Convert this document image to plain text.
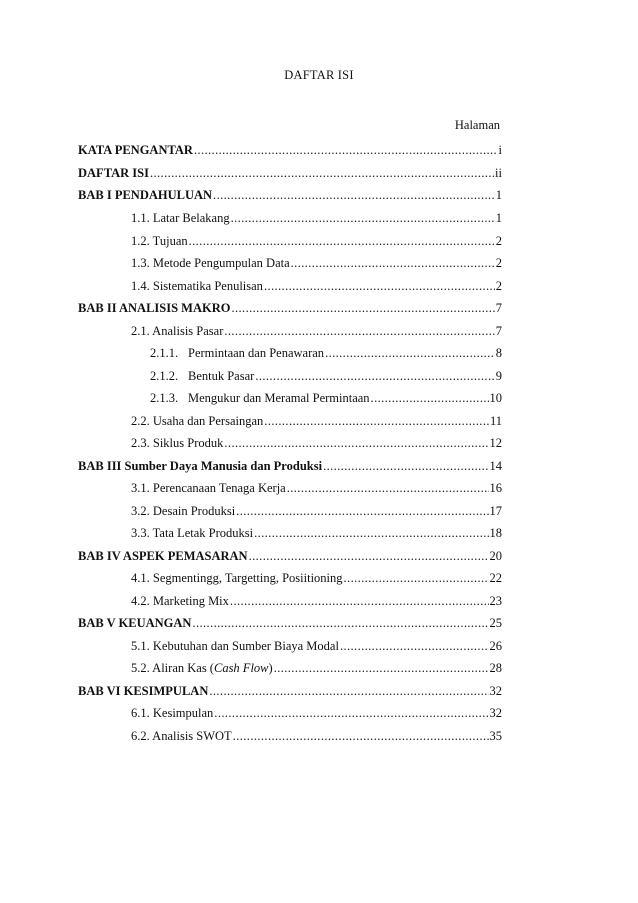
DAFTAR ISI
Halaman
KATA PENGANTAR .....	i
DAFTAR ISI .....	ii
BAB I PENDAHULUAN .....	1
1.1. Latar Belakang .....	1
1.2. Tujuan .....	2
1.3. Metode Pengumpulan Data .....	2
1.4. Sistematika Penulisan .....	2
BAB II ANALISIS MAKRO .....	7
2.1. Analisis Pasar .....	7
2.1.1. Permintaan dan Penawaran .....	8
2.1.2. Bentuk Pasar .....	9
2.1.3. Mengukur dan Meramal Permintaan .....	10
2.2. Usaha dan Persaingan .....	11
2.3. Siklus Produk .....	12
BAB III Sumber Daya Manusia dan Produksi .....	14
3.1. Perencanaan Tenaga Kerja .....	16
3.2. Desain Produksi .....	17
3.3. Tata Letak Produksi .....	18
BAB IV ASPEK PEMASARAN .....	20
4.1. Segmentingg, Targetting, Posiitioning .....	22
4.2. Marketing Mix .....	23
BAB V KEUANGAN .....	25
5.1. Kebutuhan dan Sumber Biaya Modal .....	26
5.2. Aliran Kas (Cash Flow) .....	28
BAB VI KESIMPULAN .....	32
6.1. Kesimpulan .....	32
6.2. Analisis SWOT .....	35
